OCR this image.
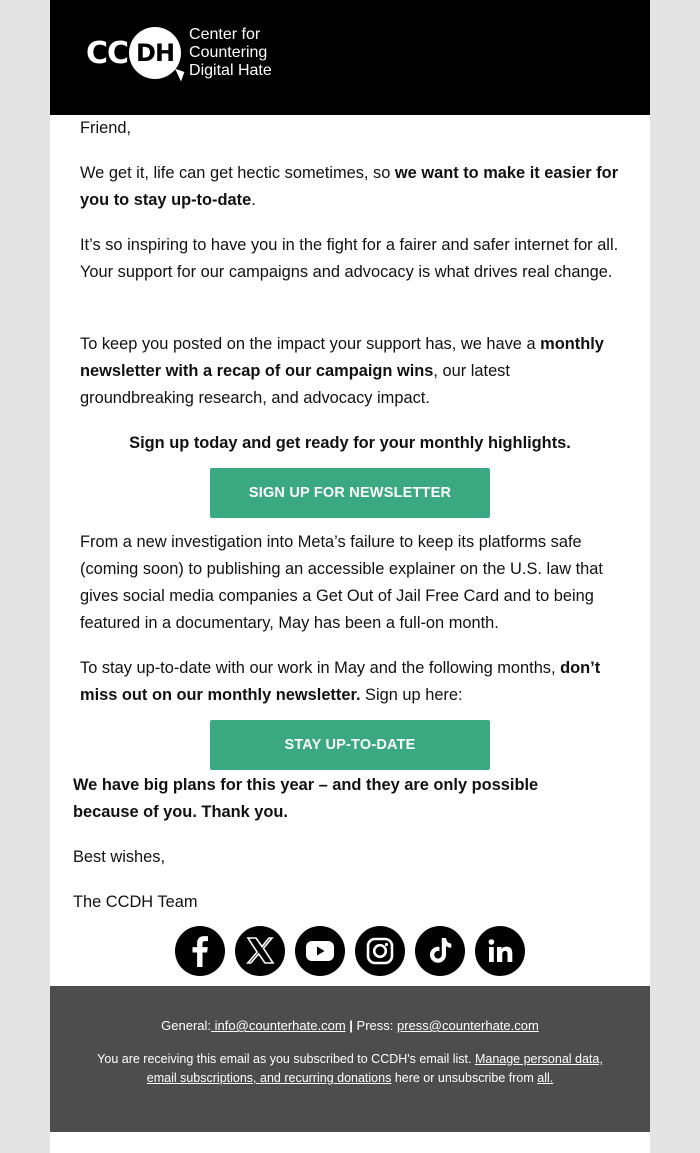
CC DH
Center for
Countering
Digital Hate

Friend,

We get it, life can get hectic sometimes, so we want to make it easier for you to stay up-to-date.

It’s so inspiring to have you in the fight for a fairer and safer internet for all. Your support for our campaigns and advocacy is what drives real change.

To keep you posted on the impact your support has, we have a monthly newsletter with a recap of our campaign wins, our latest groundbreaking research, and advocacy impact.

Sign up today and get ready for your monthly highlights.

SIGN UP FOR NEWSLETTER

From a new investigation into Meta’s failure to keep its platforms safe (coming soon) to publishing an accessible explainer on the U.S. law that gives social media companies a Get Out of Jail Free Card and to being featured in a documentary, May has been a full-on month.

To stay up-to-date with our work in May and the following months, don’t miss out on our monthly newsletter. Sign up here:

STAY UP-TO-DATE

We have big plans for this year – and they are only possible because of you. Thank you.

Best wishes,

The CCDH Team

General: info@counterhate.com | Press: press@counterhate.com
You are receiving this email as you subscribed to CCDH's email list. Manage personal data, email subscriptions, and recurring donations here or unsubscribe from all.
